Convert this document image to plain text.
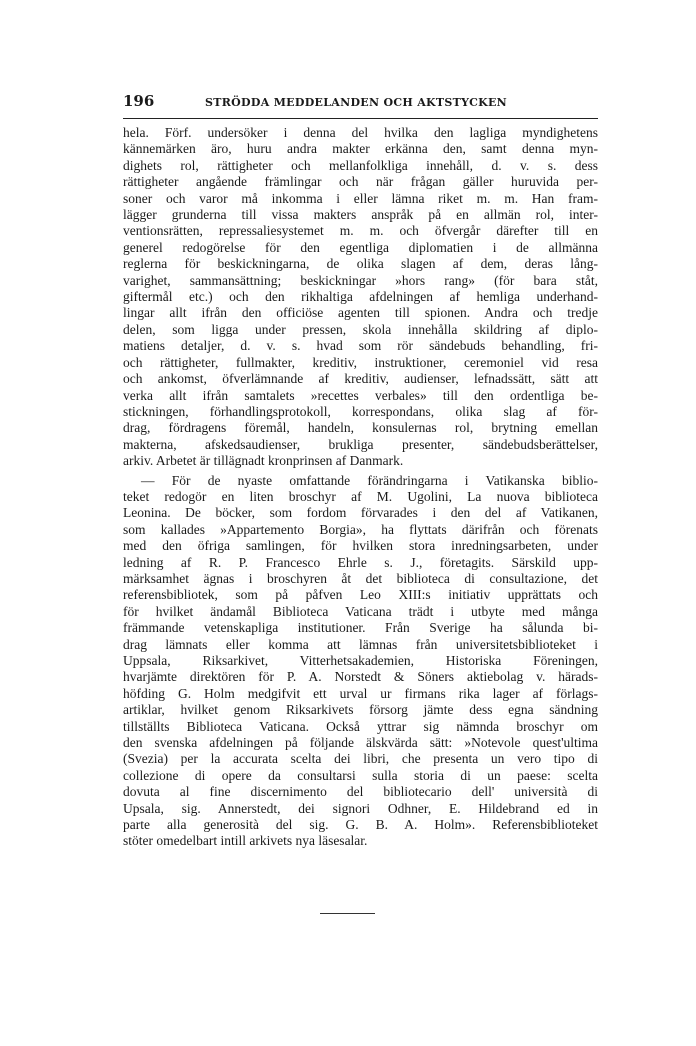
196	STRÖDDA MEDDELANDEN OCH AKTSTYCKEN
hela. Förf. undersöker i denna del hvilka den lagliga myndighetens
kännemärken äro, huru andra makter erkänna den, samt denna myn-
dighets rol, rättigheter och mellanfolkliga innehåll, d. v. s. dess
rättigheter angående främlingar och när frågan gäller huruvida per-
soner och varor må inkomma i eller lämna riket m. m. Han fram-
lägger grunderna till vissa makters anspråk på en allmän rol, inter-
ventionsrätten, repressaliesystemet m. m. och öfvergår därefter till en
generel redogörelse för den egentliga diplomatien i de allmänna
reglerna för beskickningarna, de olika slagen af dem, deras lång-
varighet, sammansättning; beskickningar »hors rang» (för bara ståt,
giftermål etc.) och den rikhaltiga afdelningen af hemliga underhand-
lingar allt ifrån den officiöse agenten till spionen. Andra och tredje
delen, som ligga under pressen, skola innehålla skildring af diplo-
matiens detaljer, d. v. s. hvad som rör sändebuds behandling, fri-
och rättigheter, fullmakter, kreditiv, instruktioner, ceremoniel vid resa
och ankomst, öfverlämnande af kreditiv, audienser, lefnadssätt, sätt att
verka allt ifrån samtalets »recettes verbales» till den ordentliga be-
stickningen, förhandlingsprotokoll, korrespondans, olika slag af för-
drag, fördragens föremål, handeln, konsulernas rol, brytning emellan
makterna, afskedsaudienser, brukliga presenter, sändebudsberättelser,
arkiv. Arbetet är tillägnadt kronprinsen af Danmark.
— För de nyaste omfattande förändringarna i Vatikanska biblio-
teket redogör en liten broschyr af M. Ugolini, La nuova biblioteca
Leonina. De böcker, som fordom förvarades i den del af Vatikanen,
som kallades »Appartemento Borgia», ha flyttats därifrån och förenats
med den öfriga samlingen, för hvilken stora inredningsarbeten, under
ledning af R. P. Francesco Ehrle s. J., företagits. Särskild upp-
märksamhet ägnas i broschyren åt det biblioteca di consultazione, det
referensbibliotek, som på påfven Leo XIII:s initiativ upprättats och
för hvilket ändamål Biblioteca Vaticana trädt i utbyte med många
främmande vetenskapliga institutioner. Från Sverige ha sålunda bi-
drag lämnats eller komma att lämnas från universitetsbiblioteket i
Uppsala, Riksarkivet, Vitterhetsakademien, Historiska Föreningen,
hvarjämte direktören för P. A. Norstedt & Söners aktiebolag v. härads-
höfding G. Holm medgifvit ett urval ur firmans rika lager af förlags-
artiklar, hvilket genom Riksarkivets försorg jämte dess egna sändning
tillställts Biblioteca Vaticana. Också yttrar sig nämnda broschyr om
den svenska afdelningen på följande älskvärda sätt: »Notevole quest'ultima
(Svezia) per la accurata scelta dei libri, che presenta un vero tipo di
collezione di opere da consultarsi sulla storia di un paese: scelta
dovuta al fine discernimento del bibliotecario dell' università di
Upsala, sig. Annerstedt, dei signori Odhner, E. Hildebrand ed in
parte alla generosità del sig. G. B. A. Holm». Referensbiblioteket
stöter omedelbart intill arkivets nya läsesalar.
